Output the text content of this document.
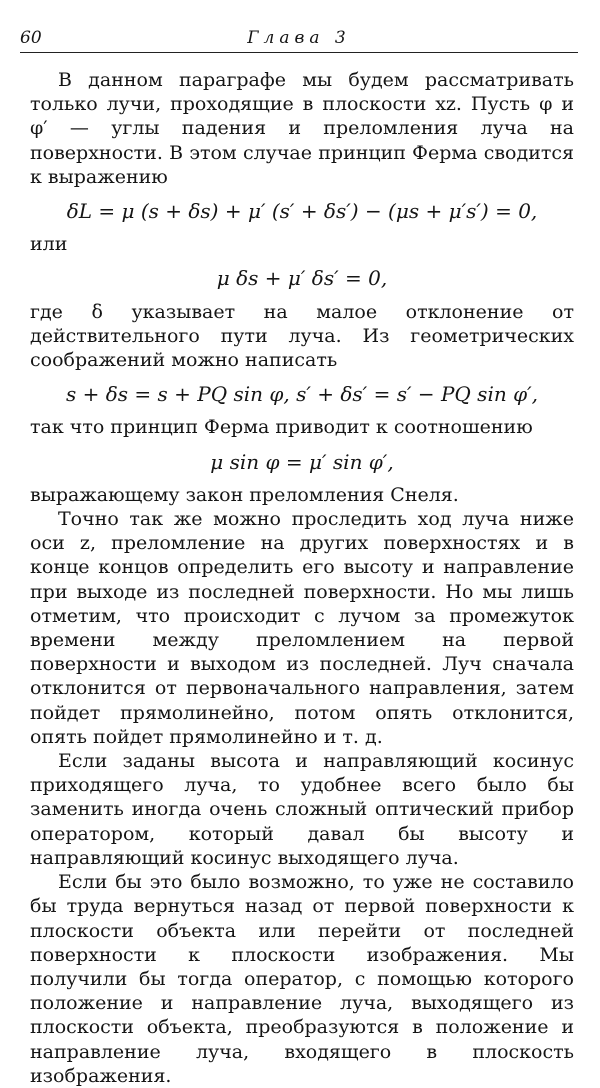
60	Глава 3

В данном параграфе мы будем рассматривать только лучи, проходящие в плоскости xz. Пусть φ и φ′ — углы падения и преломления луча на поверхности. В этом случае принцип Ферма сводится к выражению

δL = μ (s + δs) + μ′ (s′ + δs′) − (μs + μ′s′) = 0,

или

μ δs + μ′ δs′ = 0,

где δ указывает на малое отклонение от действительного пути луча. Из геометрических соображений можно написать

s + δs = s + PQ sin φ, s′ + δs′ = s′ − PQ sin φ′,

так что принцип Ферма приводит к соотношению

μ sin φ = μ′ sin φ′,

выражающему закон преломления Снеля.

Точно так же можно проследить ход луча ниже оси z, преломление на других поверхностях и в конце концов определить его высоту и направление при выходе из последней поверхности. Но мы лишь отметим, что происходит с лучом за промежуток времени между преломлением на первой поверхности и выходом из последней. Луч сначала отклонится от первоначального направления, затем пойдет прямолинейно, потом опять отклонится, опять пойдет прямолинейно и т. д.

Если заданы высота и направляющий косинус приходящего луча, то удобнее всего было бы заменить иногда очень сложный оптический прибор оператором, который давал бы высоту и направляющий косинус выходящего луча.

Если бы это было возможно, то уже не составило бы труда вернуться назад от первой поверхности к плоскости объекта или перейти от последней поверхности к плоскости изображения. Мы получили бы тогда оператор, с помощью которого положение и направление луча, выходящего из плоскости объекта, преобразуются в положение и направление луча, входящего в плоскость изображения.
